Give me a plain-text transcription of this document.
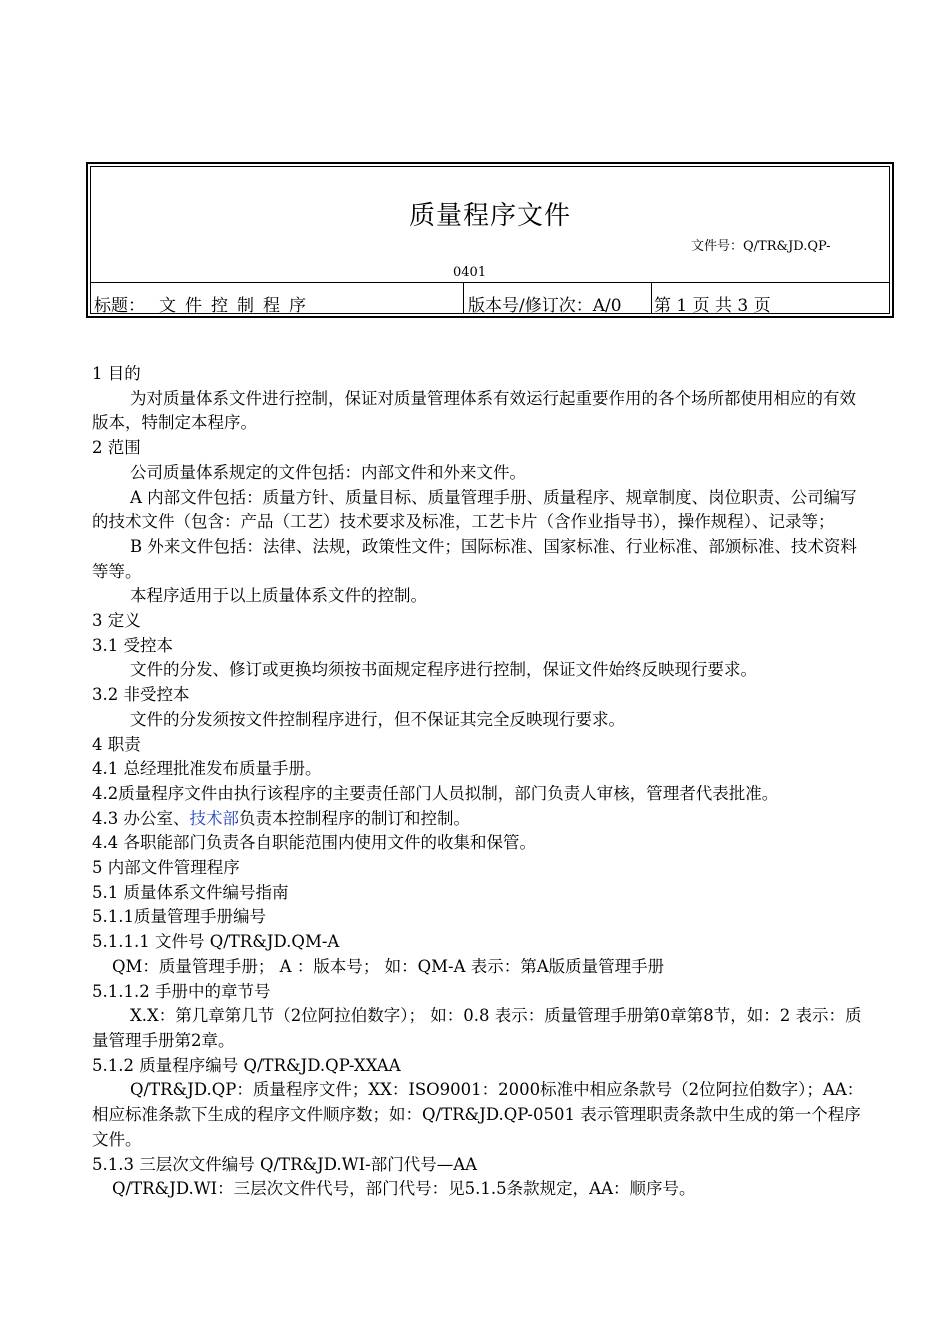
质量程序文件
文件号：Q/TR&JD.QP-
0401
标题： 文件控制程序	版本号/修订次：A/0 第 1 页 共 3 页

1 目的

为对质量体系文件进行控制，保证对质量管理体系有效运行起重要作用的各个场所都使用相应的有效版本，特制定本程序。

2 范围

公司质量体系规定的文件包括：内部文件和外来文件。

A 内部文件包括：质量方针、质量目标、质量管理手册、质量程序、规章制度、岗位职责、公司编写的技术文件（包含：产品（工艺）技术要求及标准，工艺卡片（含作业指导书），操作规程）、记录等；

B 外来文件包括：法律、法规，政策性文件；国际标准、国家标准、行业标准、部颁标准、技术资料等等。

本程序适用于以上质量体系文件的控制。

3 定义

3.1 受控本

文件的分发、修订或更换均须按书面规定程序进行控制，保证文件始终反映现行要求。

3.2 非受控本

文件的分发须按文件控制程序进行，但不保证其完全反映现行要求。

4 职责

4.1 总经理批准发布质量手册。

4.2质量程序文件由执行该程序的主要责任部门人员拟制，部门负责人审核，管理者代表批准。

4.3 办公室、技术部负责本控制程序的制订和控制。

4.4 各职能部门负责各自职能范围内使用文件的收集和保管。

5 内部文件管理程序

5.1 质量体系文件编号指南

5.1.1质量管理手册编号

5.1.1.1 文件号 Q/TR&JD.QM-A

QM：质量管理手册； A ：版本号； 如：QM-A 表示：第A版质量管理手册

5.1.1.2 手册中的章节号

X.X：第几章第几节（2位阿拉伯数字）； 如：0.8 表示：质量管理手册第0章第8节，如：2 表示：质量管理手册第2章。

5.1.2 质量程序编号 Q/TR&JD.QP-XXAA

Q/TR&JD.QP：质量程序文件；XX：ISO9001：2000标准中相应条款号（2位阿拉伯数字）；AA：相应标准条款下生成的程序文件顺序数；如：Q/TR&JD.QP-0501 表示管理职责条款中生成的第一个程序文件。

5.1.3 三层次文件编号 Q/TR&JD.WI-部门代号—AA

Q/TR&JD.WI：三层次文件代号，部门代号：见5.1.5条款规定，AA：顺序号。
